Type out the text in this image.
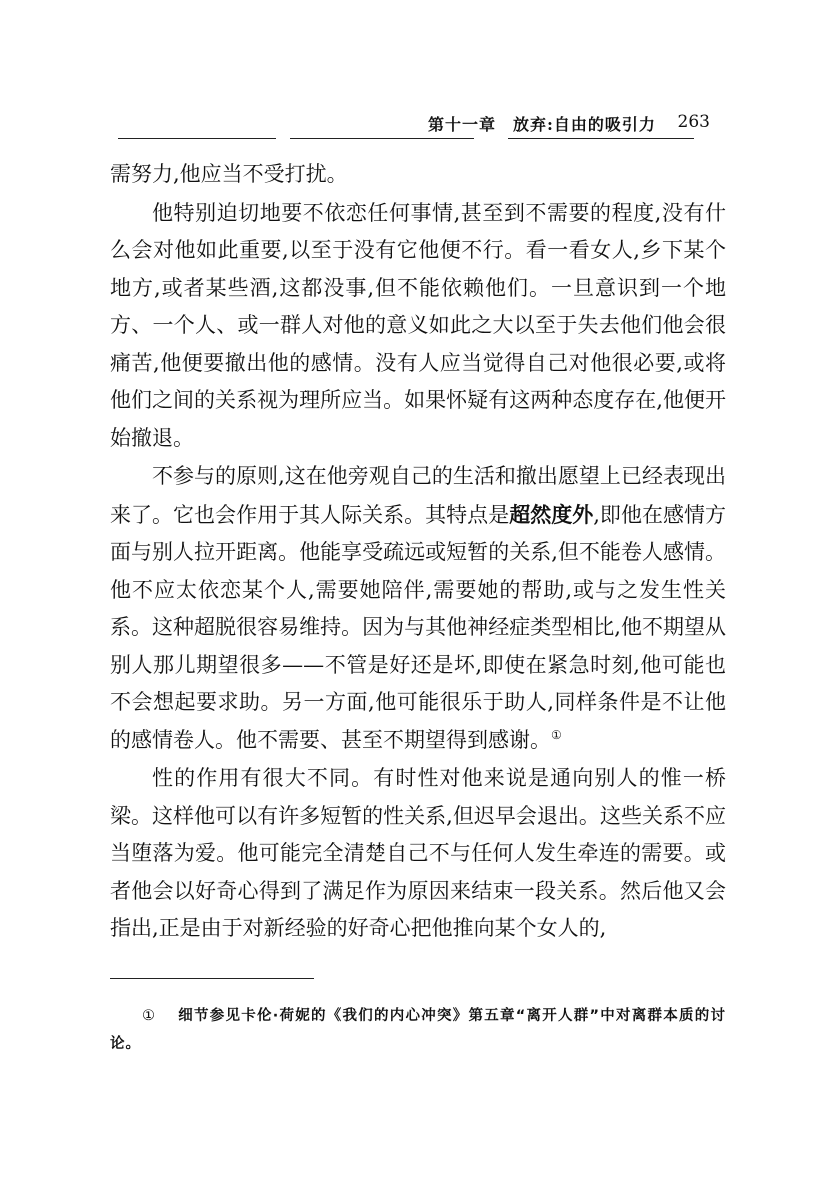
第十一章　放弃:自由的吸引力 263

需努力,他应当不受打扰。

他特别迫切地要不依恋任何事情,甚至到不需要的程度,没有什么会对他如此重要,以至于没有它他便不行。看一看女人,乡下某个地方,或者某些酒,这都没事,但不能依赖他们。一旦意识到一个地方、一个人、或一群人对他的意义如此之大以至于失去他们他会很痛苦,他便要撤出他的感情。没有人应当觉得自己对他很必要,或将他们之间的关系视为理所应当。如果怀疑有这两种态度存在,他便开始撤退。

不参与的原则,这在他旁观自己的生活和撤出愿望上已经表现出来了。它也会作用于其人际关系。其特点是超然度外,即他在感情方面与别人拉开距离。他能享受疏远或短暂的关系,但不能卷人感情。他不应太依恋某个人,需要她陪伴,需要她的帮助,或与之发生性关系。这种超脱很容易维持。因为与其他神经症类型相比,他不期望从别人那儿期望很多——不管是好还是坏,即使在紧急时刻,他可能也不会想起要求助。另一方面,他可能很乐于助人,同样条件是不让他的感情卷人。他不需要、甚至不期望得到感谢。①

性的作用有很大不同。有时性对他来说是通向别人的惟一桥梁。这样他可以有许多短暂的性关系,但迟早会退出。这些关系不应当堕落为爱。他可能完全清楚自己不与任何人发生牵连的需要。或者他会以好奇心得到了满足作为原因来结束一段关系。然后他又会指出,正是由于对新经验的好奇心把他推向某个女人的,

① 细节参见卡伦·荷妮的《我们的内心冲突》第五章“离开人群”中对离群本质的讨论。
